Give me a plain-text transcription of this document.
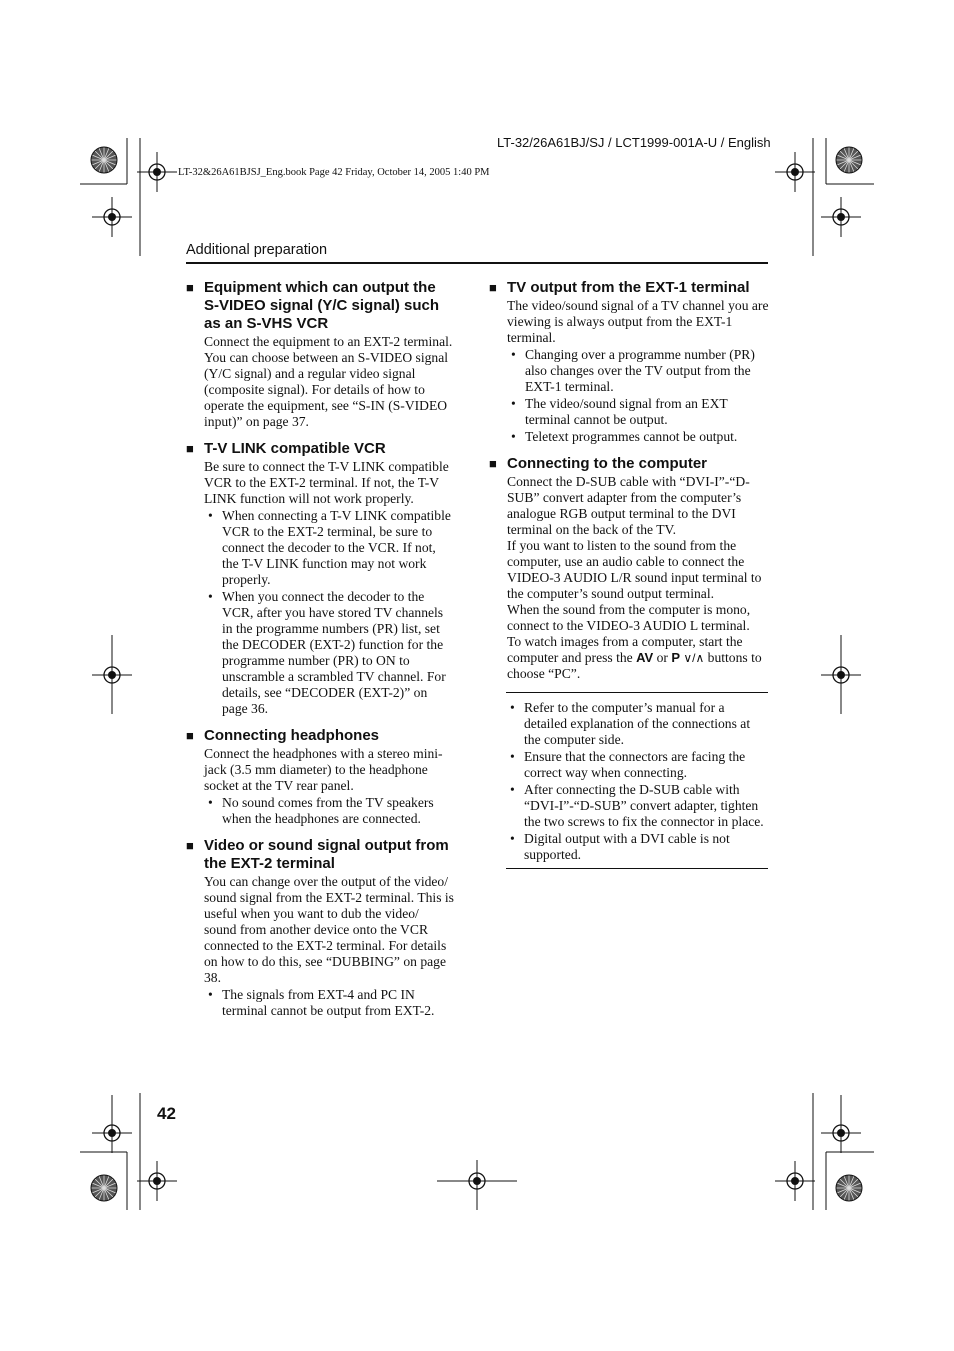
LT-32/26A61BJ/SJ / LCT1999-001A-U / English
LT-32&26A61BJSJ_Eng.book Page 42 Friday, October 14, 2005 1:40 PM
Additional preparation
■ Equipment which can output the S-VIDEO signal (Y/C signal) such as an S-VHS VCR

Connect the equipment to an EXT-2 terminal. You can choose between an S-VIDEO signal (Y/C signal) and a regular video signal (composite signal). For details of how to operate the equipment, see “S-IN (S-VIDEO input)” on page 37.

■ T-V LINK compatible VCR

Be sure to connect the T-V LINK compatible VCR to the EXT-2 terminal. If not, the T-V LINK function will not work properly.

• When connecting a T-V LINK compatible VCR to the EXT-2 terminal, be sure to connect the decoder to the VCR. If not, the T-V LINK function may not work properly.
• When you connect the decoder to the VCR, after you have stored TV channels in the programme numbers (PR) list, set the DECODER (EXT-2) function for the programme number (PR) to ON to unscramble a scrambled TV channel. For details, see “DECODER (EXT-2)” on page 36.
■ Connecting headphones

Connect the headphones with a stereo mini-jack (3.5 mm diameter) to the headphone socket at the TV rear panel.

• No sound comes from the TV speakers when the headphones are connected.
■ Video or sound signal output from the EXT-2 terminal

You can change over the output of the video/ sound signal from the EXT-2 terminal. This is useful when you want to dub the video/ sound from another device onto the VCR connected to the EXT-2 terminal. For details on how to do this, see “DUBBING” on page 38.

• The signals from EXT-4 and PC IN terminal cannot be output from EXT-2.
■ TV output from the EXT-1 terminal

The video/sound signal of a TV channel you are viewing is always output from the EXT-1 terminal.

• Changing over a programme number (PR) also changes over the TV output from the EXT-1 terminal.
• The video/sound signal from an EXT terminal cannot be output.
• Teletext programmes cannot be output.
■ Connecting to the computer

Connect the D-SUB cable with “DVI-I”-“D-SUB” convert adapter from the computer’s analogue RGB output terminal to the DVI terminal on the back of the TV.

If you want to listen to the sound from the computer, use an audio cable to connect the VIDEO-3 AUDIO L/R sound input terminal to the computer’s sound output terminal.

When the sound from the computer is mono, connect to the VIDEO-3 AUDIO L terminal.

To watch images from a computer, start the computer and press the AV or P ∨/∧ buttons to choose “PC”.

• Refer to the computer’s manual for a detailed explanation of the connections at the computer side.
• Ensure that the connectors are facing the correct way when connecting.
• After connecting the D-SUB cable with “DVI-I”-“D-SUB” convert adapter, tighten the two screws to fix the connector in place.
• Digital output with a DVI cable is not supported.
42
